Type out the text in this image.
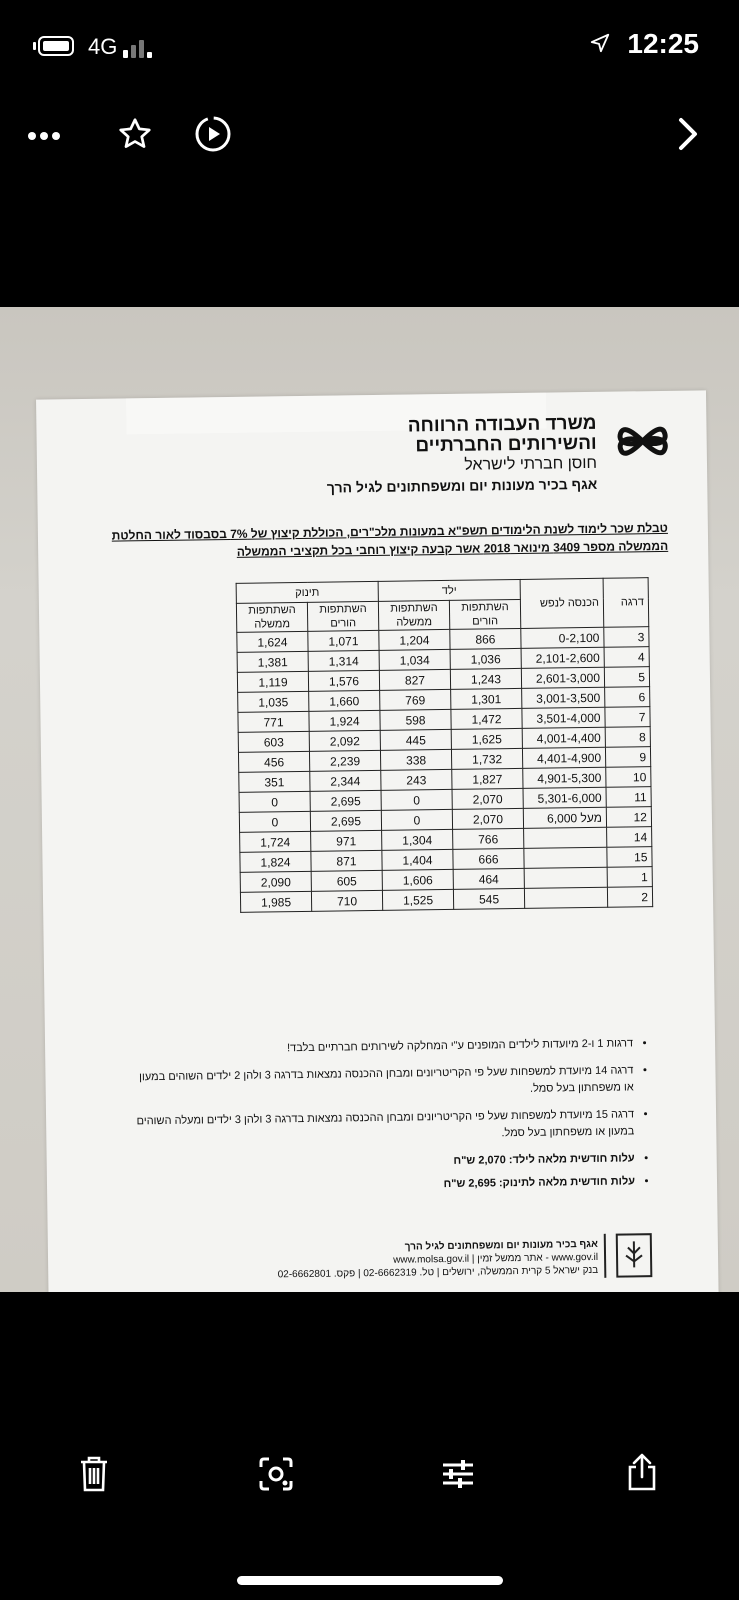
4G	12:25
משרד העבודה הרווחה
והשירותים החברתיים
חוסן חברתי לישראל
אגף בכיר מעונות יום ומשפחתונים לגיל הרך
טבלת שכר לימוד לשנת הלימודים תשפ"א במעונות מלכ"רים, הכוללת קיצוץ של 7% בסבסוד לאור החלטת הממשלה מספר 3409 מינואר 2018 אשר קבעה קיצוץ רוחבי בכל תקציבי הממשלה
דרגה	הכנסה לנפש	ילד		תינוק	
		השתתפות הורים	השתתפות ממשלה	השתתפות הורים	השתתפות ממשלה
3	0-2,100	866	1,204	1,071	1,624
4	2,101-2,600	1,036	1,034	1,314	1,381
5	2,601-3,000	1,243	827	1,576	1,119
6	3,001-3,500	1,301	769	1,660	1,035
7	3,501-4,000	1,472	598	1,924	771
8	4,001-4,400	1,625	445	2,092	603
9	4,401-4,900	1,732	338	2,239	456
10	4,901-5,300	1,827	243	2,344	351
11	5,301-6,000	2,070	0	2,695	0
12	מעל 6,000	2,070	0	2,695	0
14		766	1,304	971	1,724
15		666	1,404	871	1,824
1		464	1,606	605	2,090
2		545	1,525	710	1,985
• דרגות 1 ו-2 מיועדות לילדים המופנים ע"י המחלקה לשירותים חברתיים בלבד!
• דרגה 14 מיועדת למשפחות שעל פי הקריטריונים ומבחן ההכנסה נמצאות בדרגה 3 ולהן 2 ילדים השוהים במעון או משפחתון בעל סמל.
• דרגה 15 מיועדת למשפחות שעל פי הקריטריונים ומבחן ההכנסה נמצאות בדרגה 3 ולהן 3 ילדים ומעלה השוהים במעון או משפחתון בעל סמל.
• עלות חודשית מלאה לילד: 2,070 ש"ח
• עלות חודשית מלאה לתינוק: 2,695 ש"ח
אגף בכיר מעונות יום ומשפחתונים לגיל הרך
www.gov.il - אתר ממשל זמין | www.molsa.gov.il
בנק ישראל 5 קרית הממשלה, ירושלים | טל. 02-6662319 | פקס. 02-6662801
